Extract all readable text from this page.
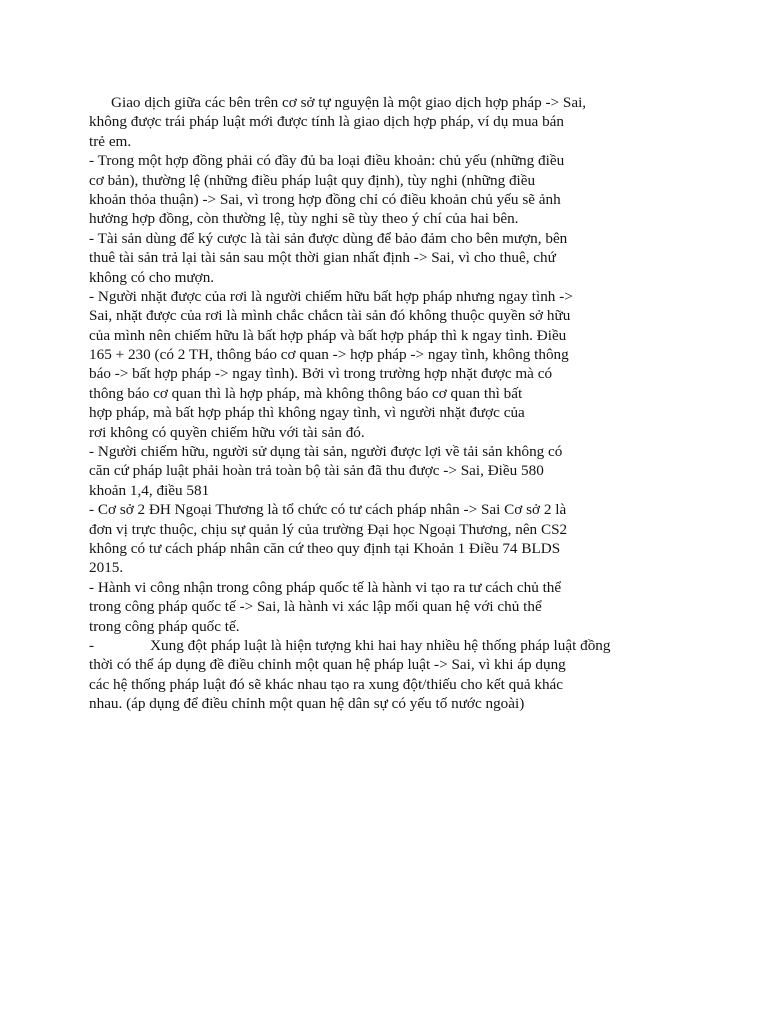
Giao dịch giữa các bên trên cơ sở tự nguyện là một giao dịch hợp pháp -> Sai,
không được trái pháp luật mới được tính là giao dịch hợp pháp, ví dụ mua bán
trẻ em.
- Trong một hợp đồng phải có đầy đủ ba loại điều khoản: chủ yếu (những điều
cơ bản), thường lệ (những điều pháp luật quy định), tùy nghi (những điều
khoản thỏa thuận) -> Sai, vì trong hợp đồng chỉ có điều khoản chủ yếu sẽ ảnh
hưởng hợp đồng, còn thường lệ, tùy nghi sẽ tùy theo ý chí của hai bên.
- Tài sản dùng để ký cược là tài sản được dùng để bảo đảm cho bên mượn, bên
thuê tài sản trả lại tài sản sau một thời gian nhất định -> Sai, vì cho thuê, chứ
không có cho mượn.
- Người nhặt được của rơi là người chiếm hữu bất hợp pháp nhưng ngay tình ->
Sai, nhặt được của rơi là mình chắc chắcn tài sản đó không thuộc quyền sở hữu
của mình nên chiếm hữu là bất hợp pháp và bất hợp pháp thì k ngay tình. Điều
165 + 230 (có 2 TH, thông báo cơ quan -> hợp pháp -> ngay tình, không thông
báo -> bất hợp pháp -> ngay tình). Bởi vì trong trường hợp nhặt được mà có
thông báo cơ quan thì là hợp pháp, mà không thông báo cơ quan thì bất
hợp pháp, mà bất hợp pháp thì không ngay tình, vì người nhặt được của
rơi không có quyền chiếm hữu với tài sản đó.
- Người chiếm hữu, người sử dụng tài sản, người được lợi về tải sản không có
căn cứ pháp luật phải hoàn trả toàn bộ tài sản đã thu được -> Sai, Điều 580
khoản 1,4, điều 581
- Cơ sở 2 ĐH Ngoại Thương là tổ chức có tư cách pháp nhân -> Sai Cơ sở 2 là
đơn vị trực thuộc, chịu sự quản lý của trường Đại học Ngoại Thương, nên CS2
không có tư cách pháp nhân căn cứ theo quy định tại Khoản 1 Điều 74 BLDS
2015.
- Hành vi công nhận trong công pháp quốc tế là hành vi tạo ra tư cách chủ thể
trong công pháp quốc tế -> Sai, là hành vi xác lập mối quan hệ với chủ thể
trong công pháp quốc tế.
-	Xung đột pháp luật là hiện tượng khi hai hay nhiều hệ thống pháp luật đồng
thời có thể áp dụng đề điều chỉnh một quan hệ pháp luật -> Sai, vì khi áp dụng
các hệ thống pháp luật đó sẽ khác nhau tạo ra xung đột/thiếu cho kết quả khác
nhau. (áp dụng để điều chỉnh một quan hệ dân sự có yếu tố nước ngoài)
